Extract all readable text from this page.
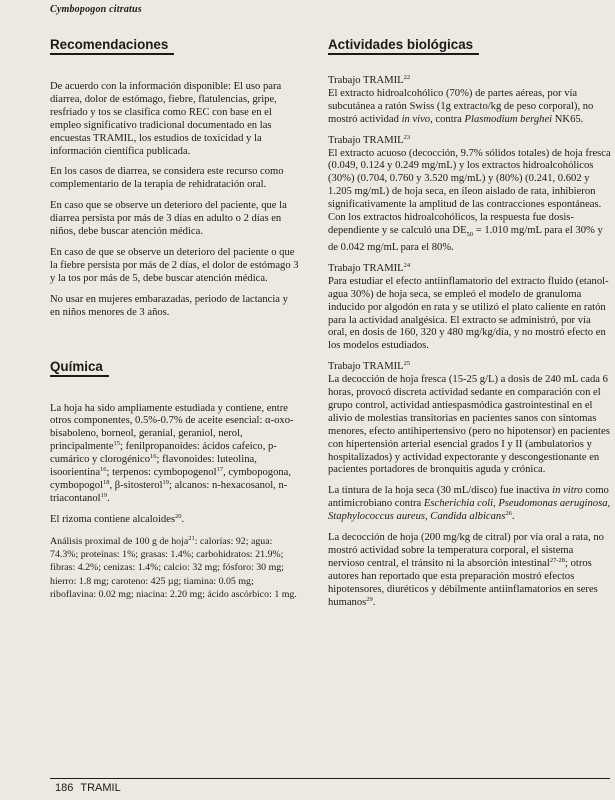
Cymbopogon citratus
Recomendaciones

De acuerdo con la información disponible: El uso para diarrea, dolor de estómago, fiebre, flatulencias, gripe, resfriado y tos se clasifica como REC con base en el empleo significativo tradicional documentado en las encuestas TRAMIL, los estudios de toxicidad y la información científica publicada.

En los casos de diarrea, se considera este recurso como complementario de la terapia de rehidratación oral.

En caso que se observe un deterioro del paciente, que la diarrea persista por más de 3 días en adulto o 2 días en niños, debe buscar atención médica.

En caso de que se observe un deterioro del paciente o que la fiebre persista por más de 2 días, el dolor de estómago 3 y la tos por más de 5, debe buscar atención médica.

No usar en mujeres embarazadas, periodo de lactancia y en niños menores de 3 años.

Química

La hoja ha sido ampliamente estudiada y contiene, entre otros componentes, 0.5%-0.7% de aceite esencial: α-oxo-bisaboleno, borneol, geranial, geraniol, nerol, principalmente$^{15}$; fenilpropanoides: ácidos cafeico, p-cumárico y clorogénico$^{16}$; flavonoides: luteolina, isoorientina$^{16}$; terpenos: cymbopogenol$^{17}$, cymbopogona, cymbopogol$^{18}$, β-sitosterol$^{19}$; alcanos: n-hexacosanol, n-triacontanol$^{19}$.

El rizoma contiene alcaloides$^{20}$.

Análisis proximal de 100 g de hoja$^{21}$: calorías: 92; agua: 74.3%; proteínas: 1%; grasas: 1.4%; carbohidratos: 21.9%; fibras: 4.2%; cenizas: 1.4%; calcio: 32 mg; fósforo: 30 mg; hierro: 1.8 mg; caroteno: 425 µg; tiamina: 0.05 mg; riboflavina: 0.02 mg; niacina: 2.20 mg; ácido ascórbico: 1 mg.

Actividades biológicas

Trabajo TRAMIL$^{22}$
El extracto hidroalcohólico (70%) de partes aéreas, por vía subcutánea a ratón Swiss (1g extracto/kg de peso corporal), no mostró actividad in vivo, contra Plasmodium berghei NK65.

Trabajo TRAMIL$^{23}$
El extracto acuoso (decocción, 9.7% sólidos totales) de hoja fresca (0.049, 0.124 y 0.249 mg/mL) y los extractos hidroalcohólicos (30%) (0.704, 0.760 y 3.520 mg/mL) y (80%) (0.241, 0.602 y 1.205 mg/mL) de hoja seca, en íleon aislado de rata, inhibieron significativamente la amplitud de las contracciones espontáneas. Con los extractos hidroalcohólicos, la respuesta fue dosis-dependiente y se calculó una $DE_{50} = 1.010$ mg/mL para el 30% y de 0.042 mg/mL para el 80%.

Trabajo TRAMIL$^{24}$
Para estudiar el efecto antiinflamatorio del extracto fluido (etanol-agua 30%) de hoja seca, se empleó el modelo de granuloma inducido por algodón en rata y se utilizó el plato caliente en ratón para la actividad analgésica. El extracto se administró, por vía oral, en dosis de 160, 320 y 480 mg/kg/día, y no mostró efecto en los modelos estudiados.

Trabajo TRAMIL$^{25}$
La decocción de hoja fresca (15-25 g/L) a dosis de 240 mL cada 6 horas, provocó discreta actividad sedante en comparación con el grupo control, actividad antiespasmódica gastrointestinal en el alivio de molestias transitorias en pacientes sanos con síntomas menores, efecto antihipertensivo (pero no hipotensor) en pacientes con hipertensión arterial esencial grados I y II (ambulatorios y hospitalizados) y actividad expectorante y descongestionante en pacientes portadores de bronquitis aguda y crónica.

La tintura de la hoja seca (30 mL/disco) fue inactiva in vitro como antimicrobiano contra Escherichia coli, Pseudomonas aeruginosa, Staphylococcus aureus, Candida albicans$^{26}$.

La decocción de hoja (200 mg/kg de citral) por vía oral a rata, no mostró actividad sobre la temperatura corporal, el sistema nervioso central, el tránsito ni la absorción intestinal$^{27-28}$; otros autores han reportado que esta preparación mostró efectos hipotensores, diuréticos y débilmente antiinflamatorios en seres humanos$^{29}$.

186 TRAMIL
